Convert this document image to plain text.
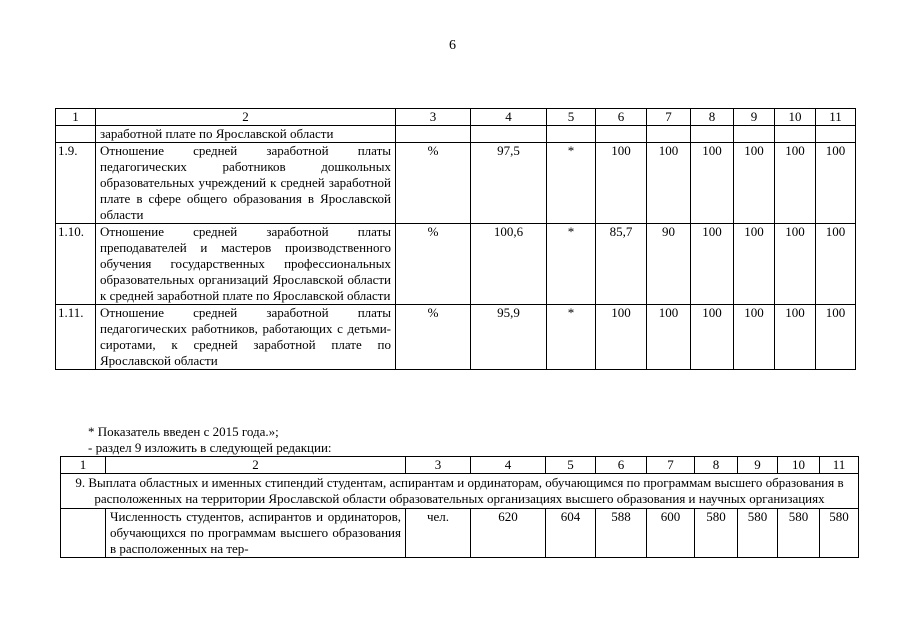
6
1	2	3	4	5	6	7	8	9	10	11
	заработной плате по Ярославской области									
1.9.	Отношение средней заработной платы педагогических работников дошкольных образовательных учреждений к средней заработной плате в сфере общего образования в Ярославской области	%	97,5	*	100	100	100	100	100	100
1.10.	Отношение средней заработной платы преподавателей и мастеров производственного обучения государственных профессиональных образовательных организаций Ярославской области к средней заработной плате по Ярославской области	%	100,6	*	85,7	90	100	100	100	100
1.11.	Отношение средней заработной платы педагогических работников, работающих с детьми-сиротами, к средней заработной плате по Ярославской области	%	95,9	*	100	100	100	100	100	100
* Показатель введен с 2015 года.»;
- раздел 9 изложить в следующей редакции:
1	2	3	4	5	6	7	8	9	10	11
9. Выплата областных и именных стипендий студентам, аспирантам и ординаторам, обучающимся по программам высшего образования в расположенных на территории Ярославской области образовательных организациях высшего образования и научных организациях										
	Численность студентов, аспирантов и ординаторов, обучающихся по программам высшего образования в расположенных на тер-	чел.	620	604	588	600	580	580	580	580
